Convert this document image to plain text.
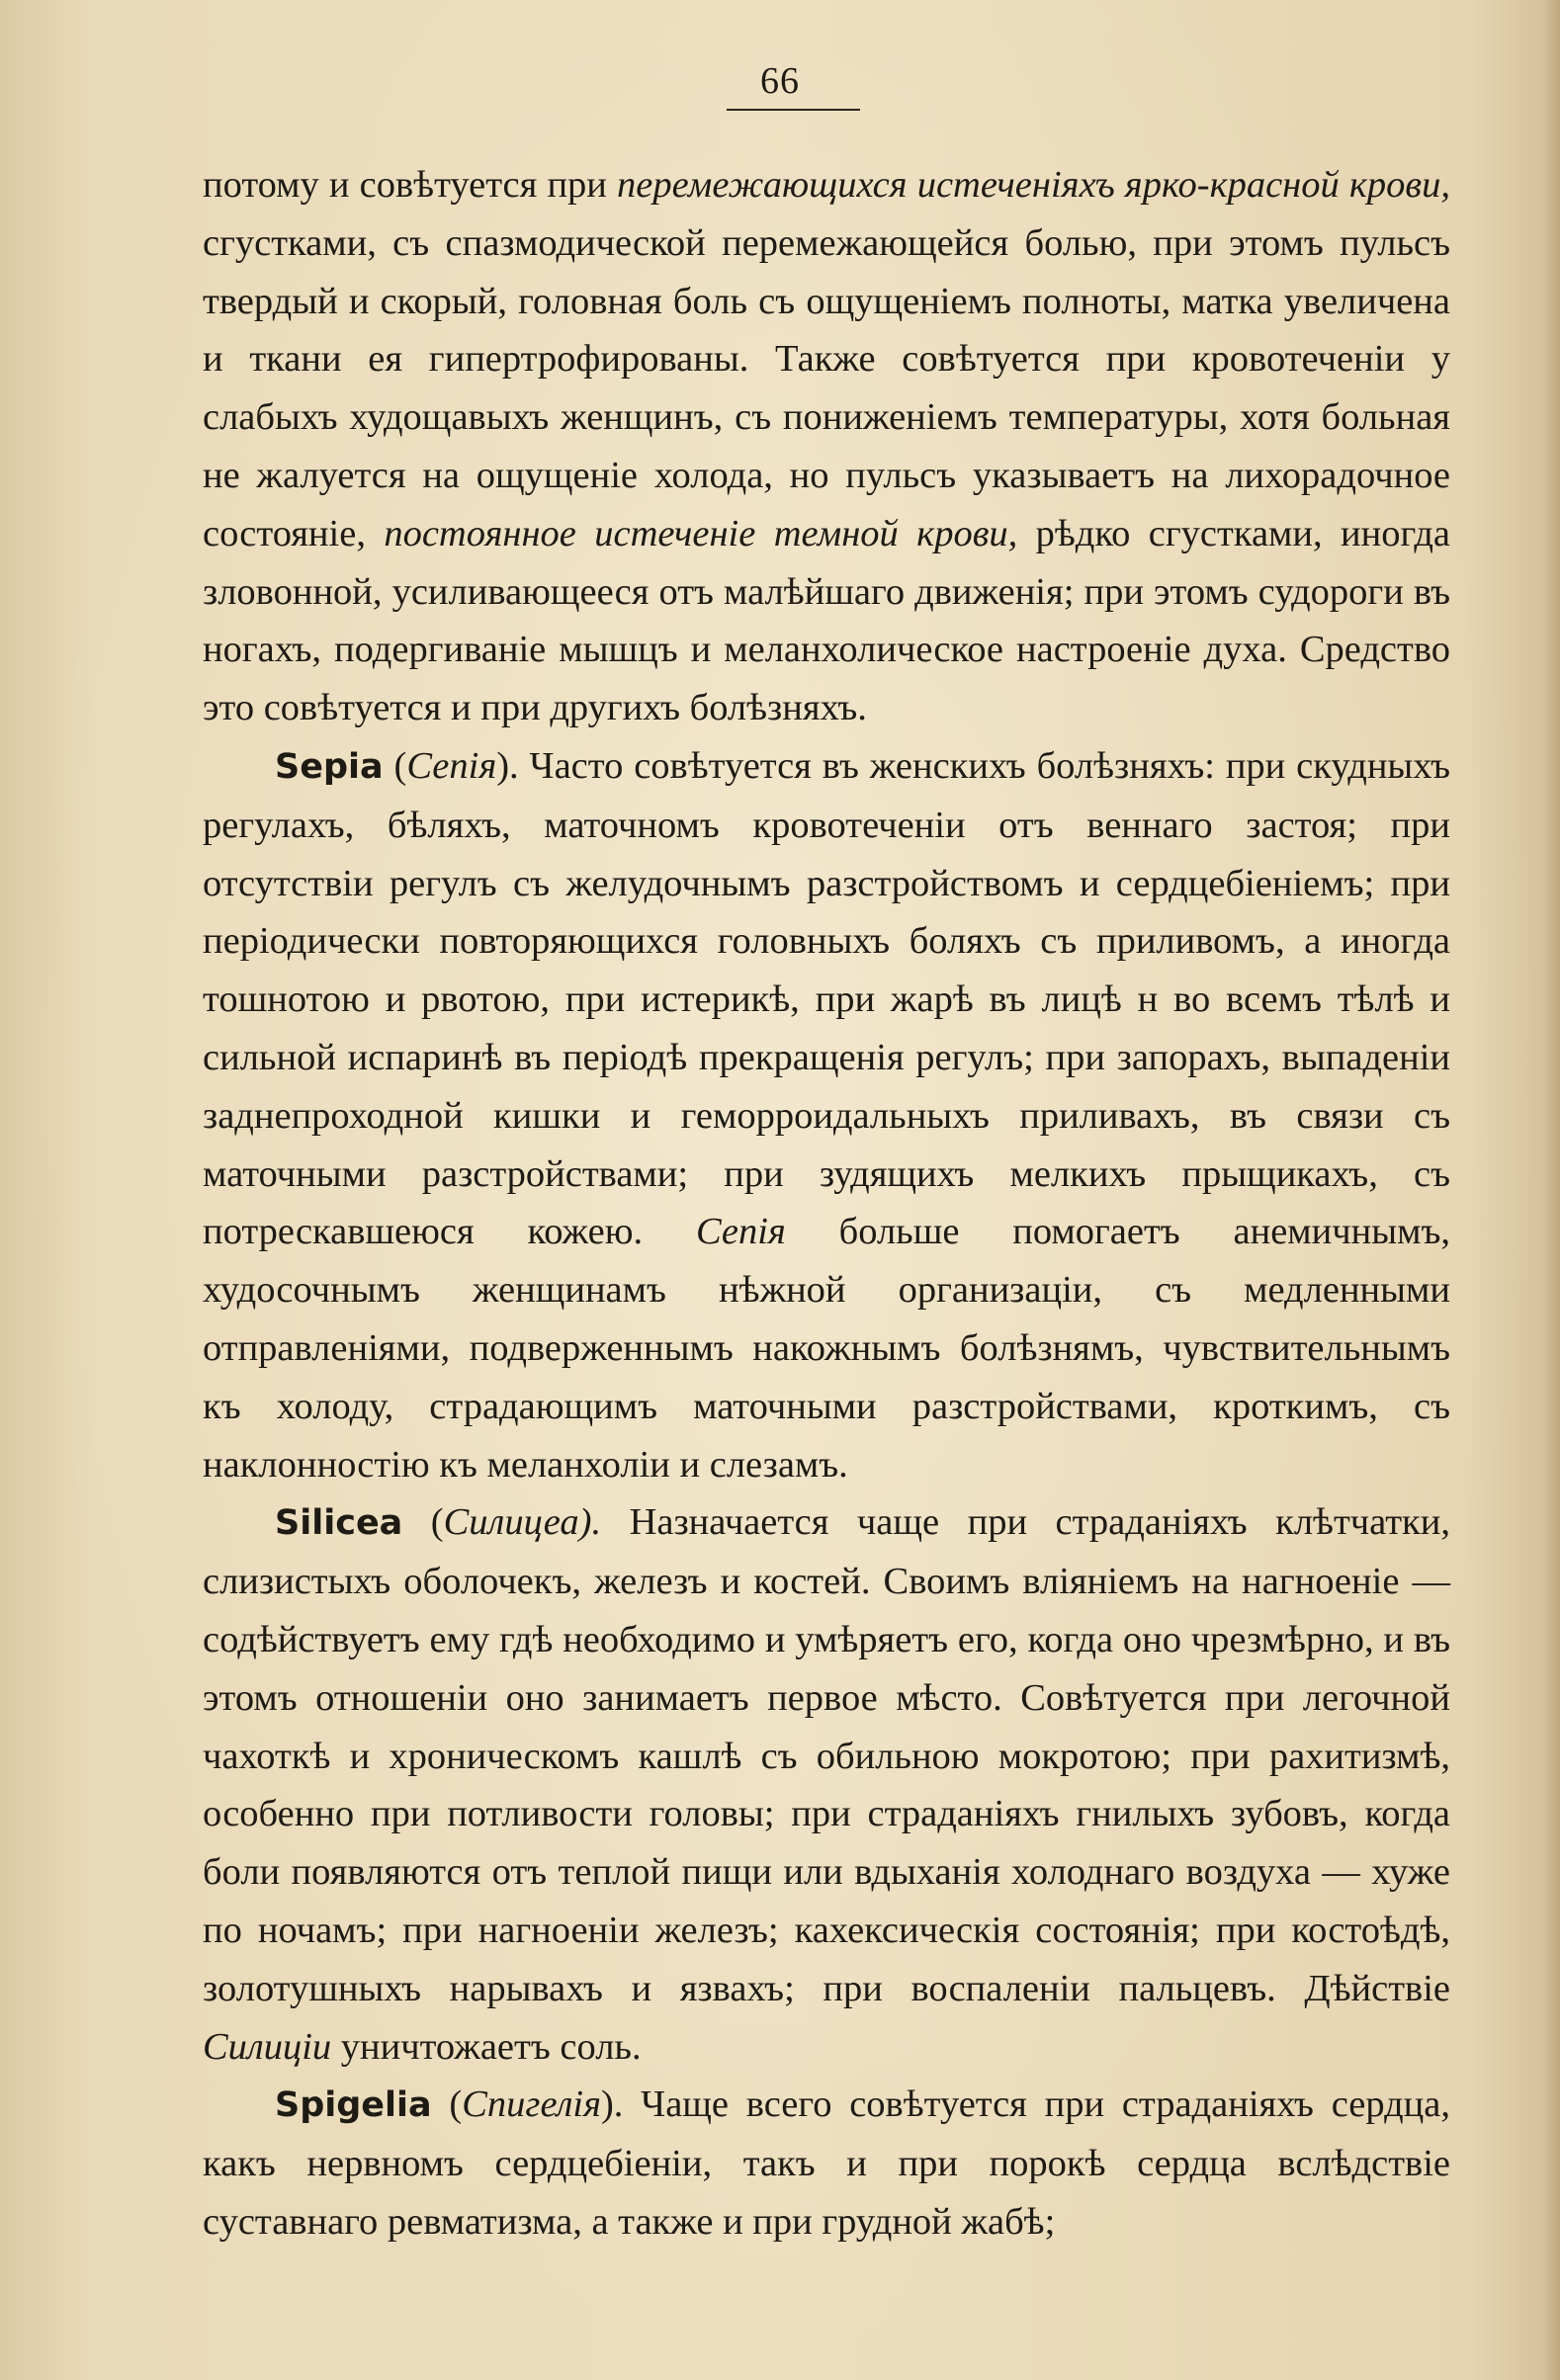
66

потому и совѣтуется при перемежающихся истеченіяхъ ярко-красной крови, сгустками, съ спазмодической перемежающейся болью, при этомъ пульсъ твердый и скорый, головная боль съ ощущеніемъ полноты, матка увеличена и ткани ея гипертрофированы. Также совѣтуется при кровотеченіи у слабыхъ худощавыхъ женщинъ, съ пониженіемъ температуры, хотя больная не жалуется на ощущеніе холода, но пульсъ указываетъ на лихорадочное состояніе, постоянное истеченіе темной крови, рѣдко сгустками, иногда зловонной, усиливающееся отъ малѣйшаго движенія; при этомъ судороги въ ногахъ, подергиваніе мышцъ и меланхолическое настроеніе духа. Средство это совѣтуется и при другихъ болѣзняхъ.

Sepia (Сепія). Часто совѣтуется въ женскихъ болѣзняхъ: при скудныхъ регулахъ, бѣляхъ, маточномъ кровотеченіи отъ веннаго застоя; при отсутствіи регулъ съ желудочнымъ разстройствомъ и сердцебіеніемъ; при періодически повторяющихся головныхъ боляхъ съ приливомъ, а иногда тошнотою и рвотою, при истерикѣ, при жарѣ въ лицѣ н во всемъ тѣлѣ и сильной испаринѣ въ періодѣ прекращенія регулъ; при запорахъ, выпаденіи заднепроходной кишки и геморроидальныхъ приливахъ, въ связи съ маточными разстройствами; при зудящихъ мелкихъ прыщикахъ, съ потрескавшеюся кожею. Сепія больше помогаетъ анемичнымъ, худосочнымъ женщинамъ нѣжной организаціи, съ медленными отправленіями, подверженнымъ накожнымъ болѣзнямъ, чувствительнымъ къ холоду, страдающимъ маточными разстройствами, кроткимъ, съ наклонностію къ меланхоліи и слезамъ.

Silicea (Силицеа). Назначается чаще при страданіяхъ клѣтчатки, слизистыхъ оболочекъ, железъ и костей. Своимъ вліяніемъ на нагноеніе — содѣйствуетъ ему гдѣ необходимо и умѣряетъ его, когда оно чрезмѣрно, и въ этомъ отношеніи оно занимаетъ первое мѣсто. Совѣтуется при легочной чахоткѣ и хроническомъ кашлѣ съ обильною мокротою; при рахитизмѣ, особенно при потливости головы; при страданіяхъ гнилыхъ зубовъ, когда боли появляются отъ теплой пищи или вдыханія холоднаго воздуха — хуже по ночамъ; при нагноеніи железъ; кахексическія состоянія; при костоѣдѣ, золотушныхъ нарывахъ и язвахъ; при воспаленіи пальцевъ. Дѣйствіе Силиціи уничтожаетъ соль.

Spigelia (Спигелія). Чаще всего совѣтуется при страданіяхъ сердца, какъ нервномъ сердцебіеніи, такъ и при порокѣ сердца вслѣдствіе суставнаго ревматизма, а также и при грудной жабѣ;
